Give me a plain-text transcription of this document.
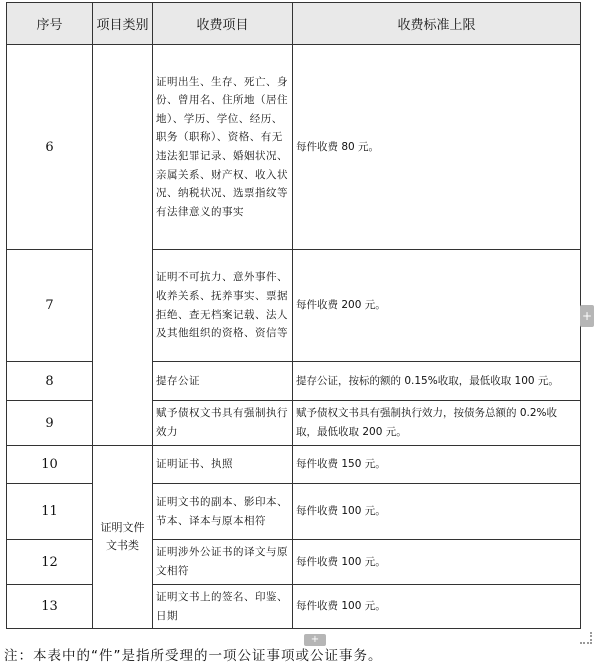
序号	项目类别	收费项目	收费标准上限
6		证明出生、生存、死亡、身份、曾用名、住所地（居住地）、学历、学位、经历、职务（职称）、资格、有无违法犯罪记录、婚姻状况、亲属关系、财产权、收入状况、纳税状况、选票指纹等有法律意义的事实	每件收费 80 元。
7		证明不可抗力、意外事件、收养关系、抚养事实、票据拒绝、查无档案记载、法人及其他组织的资格、资信等	每件收费 200 元。
8		提存公证	提存公证，按标的额的 0.15%收取，最低收取 100 元。
9		赋予债权文书具有强制执行效力	赋予债权文书具有强制执行效力，按债务总额的 0.2%收取，最低收取 200 元。
10	证明文件文书类	证明证书、执照	每件收费 150 元。
11		证明文书的副本、影印本、节本、译本与原本相符	每件收费 100 元。
12		证明涉外公证书的译文与原文相符	每件收费 100 元。
13		证明文书上的签名、印鉴、日期	每件收费 100 元。
+
+
注：本表中的“件”是指所受理的一项公证事项或公证事务。
